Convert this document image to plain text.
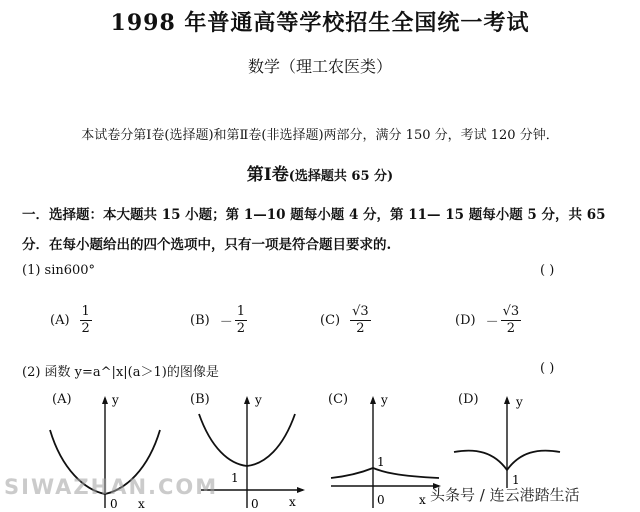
1998 年普通高等学校招生全国统一考试
数学（理工农医类）
本试卷分第Ⅰ卷(选择题)和第Ⅱ卷(非选择题)两部分，满分 150 分，考试 120 分钟．
第Ⅰ卷(选择题共 65 分)
一．选择题：本大题共 15 小题；第 1—10 题每小题 4 分，第 11— 15 题每小题 5 分，共 65 分．在每小题给出的四个选项中，只有一项是符合题目要求的.
(1) sin600°	( )
$(A) \frac{1}{2}$	$(B) - \frac{1}{2}$	$(C) \frac{√3}{2}$	$(D) - \frac{√3}{2}$
(2) 函数 y=a^|x|(a＞1)的图像是	( )
(A)	y
0 x
(B)	y
1
0	x
(C)	y
1
0	x
(D)	y
1
SIWAZHAN.COM	头条号 / 连云港踏生活
